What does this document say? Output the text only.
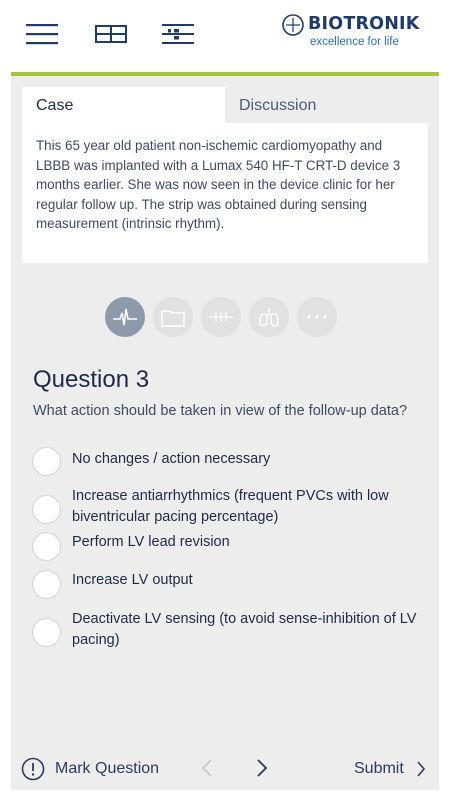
BIOTRONIK
excellence for life
Case	Discussion
This 65 year old patient non-ischemic cardiomyopathy and LBBB was implanted with a Lumax 540 HF-T CRT-D device 3 months earlier. She was now seen in the device clinic for her regular follow up. The strip was obtained during sensing measurement (intrinsic rhythm).
Question 3
What action should be taken in view of the follow-up data?
No changes / action necessary
Increase antiarrhythmics (frequent PVCs with low biventricular pacing percentage)
Perform LV lead revision
Increase LV output
Deactivate LV sensing (to avoid sense-inhibition of LV pacing)
Mark Question	Submit
